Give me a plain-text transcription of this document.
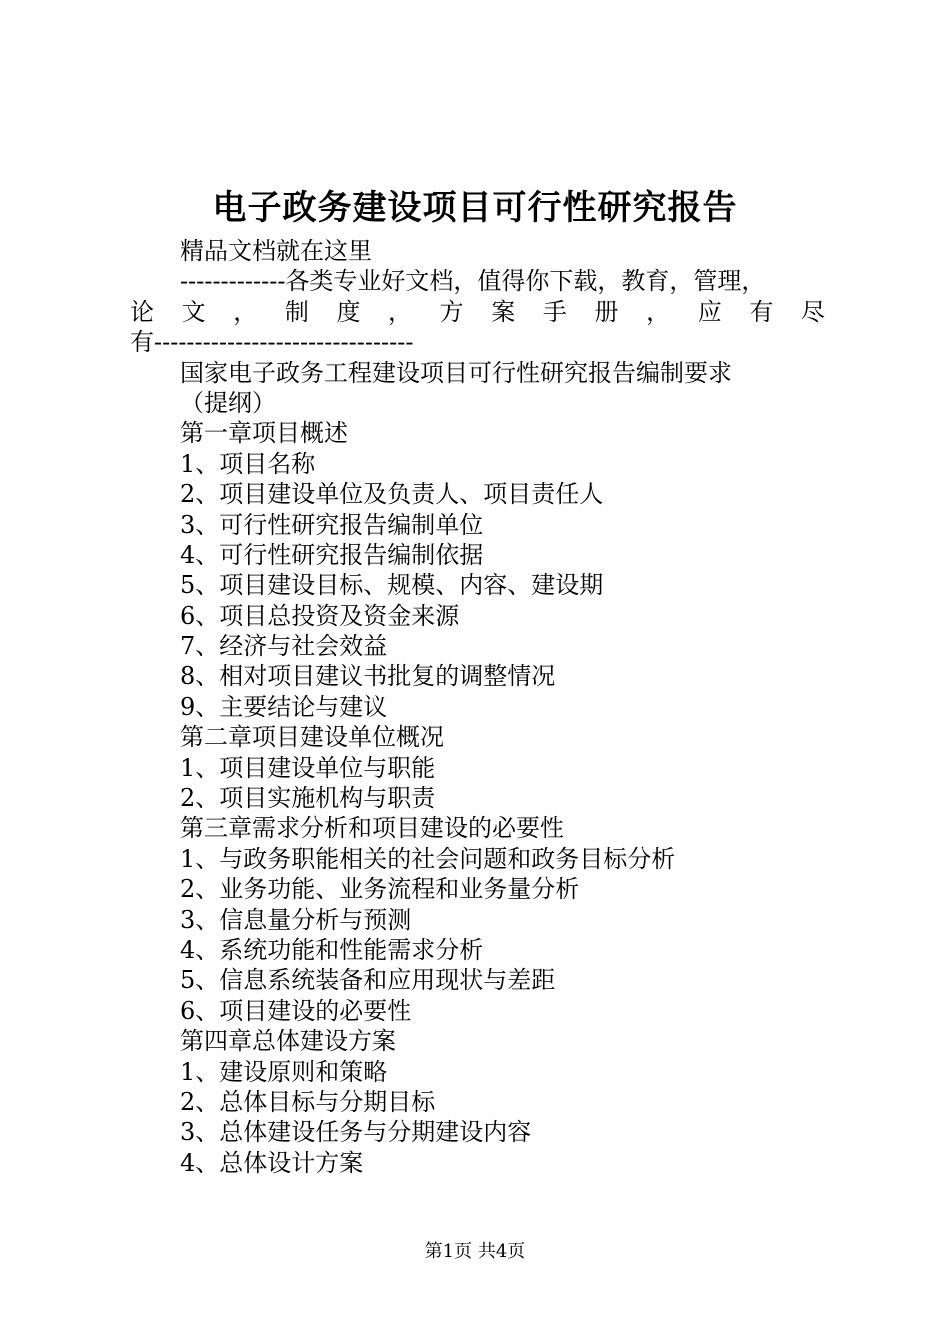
电子政务建设项目可行性研究报告
精品文档就在这里
-------------各类专业好文档，值得你下载，教育，管理，
论 文 ， 制 度 ， 方 案 手 册 ， 应 有 尽
有--------------------------------
国家电子政务工程建设项目可行性研究报告编制要求
（提纲）
第一章项目概述
1、项目名称
2、项目建设单位及负责人、项目责任人
3、可行性研究报告编制单位
4、可行性研究报告编制依据
5、项目建设目标、规模、内容、建设期
6、项目总投资及资金来源
7、经济与社会效益
8、相对项目建议书批复的调整情况
9、主要结论与建议
第二章项目建设单位概况
1、项目建设单位与职能
2、项目实施机构与职责
第三章需求分析和项目建设的必要性
1、与政务职能相关的社会问题和政务目标分析
2、业务功能、业务流程和业务量分析
3、信息量分析与预测
4、系统功能和性能需求分析
5、信息系统装备和应用现状与差距
6、项目建设的必要性
第四章总体建设方案
1、建设原则和策略
2、总体目标与分期目标
3、总体建设任务与分期建设内容
4、总体设计方案
第1页 共4页
